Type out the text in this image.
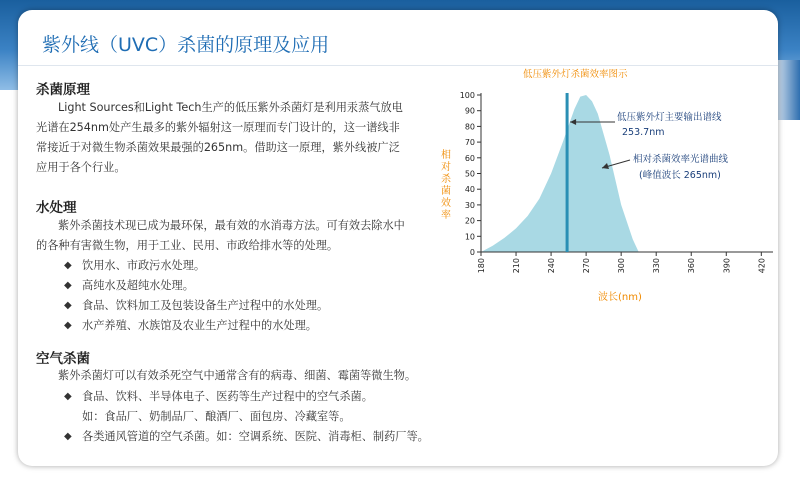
紫外线（UVC）杀菌的原理及应用
杀菌原理
Light Sources和Light Tech生产的低压紫外杀菌灯是利用汞蒸气放电
光谱在254nm处产生最多的紫外辐射这一原理而专门设计的，这一谱线非
常接近于对微生物杀菌效果最强的265nm。借助这一原理，紫外线被广泛
应用于各个行业。
水处理
紫外杀菌技术现已成为最环保，最有效的水消毒方法。可有效去除水中
的各种有害微生物，用于工业、民用、市政给排水等的处理。
◆ 饮用水、市政污水处理。
◆ 高纯水及超纯水处理。
◆ 食品、饮料加工及包装设备生产过程中的水处理。
◆ 水产养殖、水族馆及农业生产过程中的水处理。
空气杀菌
紫外杀菌灯可以有效杀死空气中通常含有的病毒、细菌、霉菌等微生物。
◆ 食品、饮料、半导体电子、医药等生产过程中的空气杀菌。
如：食品厂、奶制品厂、酿酒厂、面包房、冷藏室等。
◆ 各类通风管道的空气杀菌。如：空调系统、医院、消毒柜、制药厂等。
低压紫外灯杀菌效率图示
相对杀菌效率
波长(nm)
0
10
20
30
40
50
60
70
80
90
100
180	210	240	270	300	330	360	390	420
低压紫外灯主要输出谱线
253.7nm
相对杀菌效率光谱曲线
(峰值波长 265nm)
